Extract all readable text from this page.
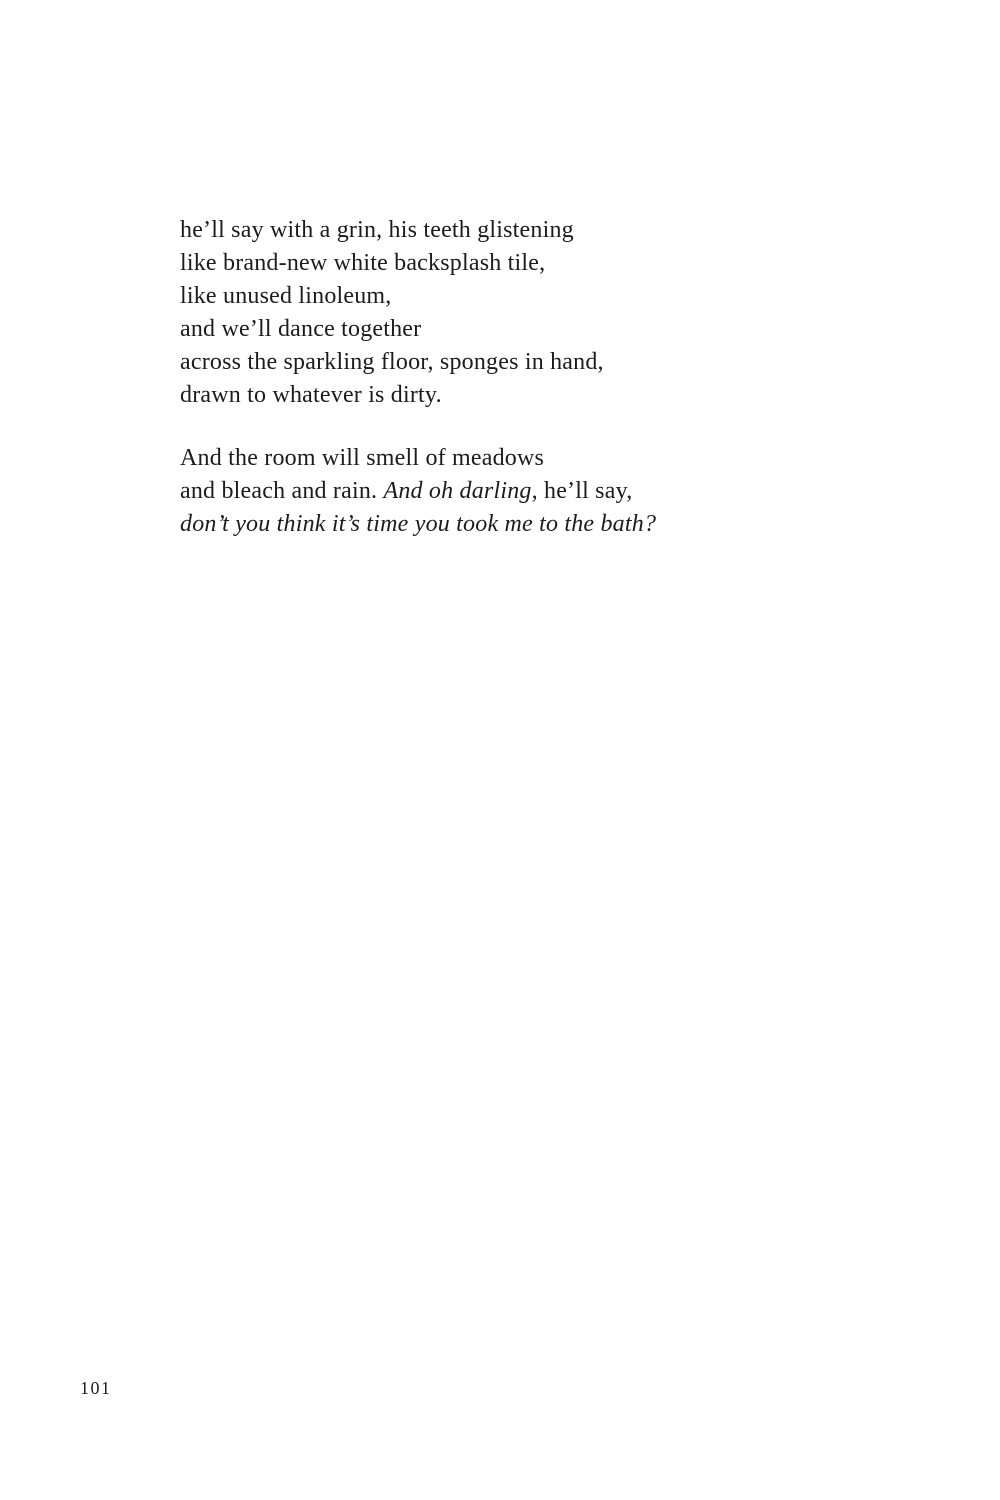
he’ll say with a grin, his teeth glistening

like brand-new white backsplash tile,

like unused linoleum,

and we’ll dance together

across the sparkling floor, sponges in hand,

drawn to whatever is dirty.

And the room will smell of meadows

and bleach and rain. And oh darling, he’ll say,

don’t you think it’s time you took me to the bath?

101
